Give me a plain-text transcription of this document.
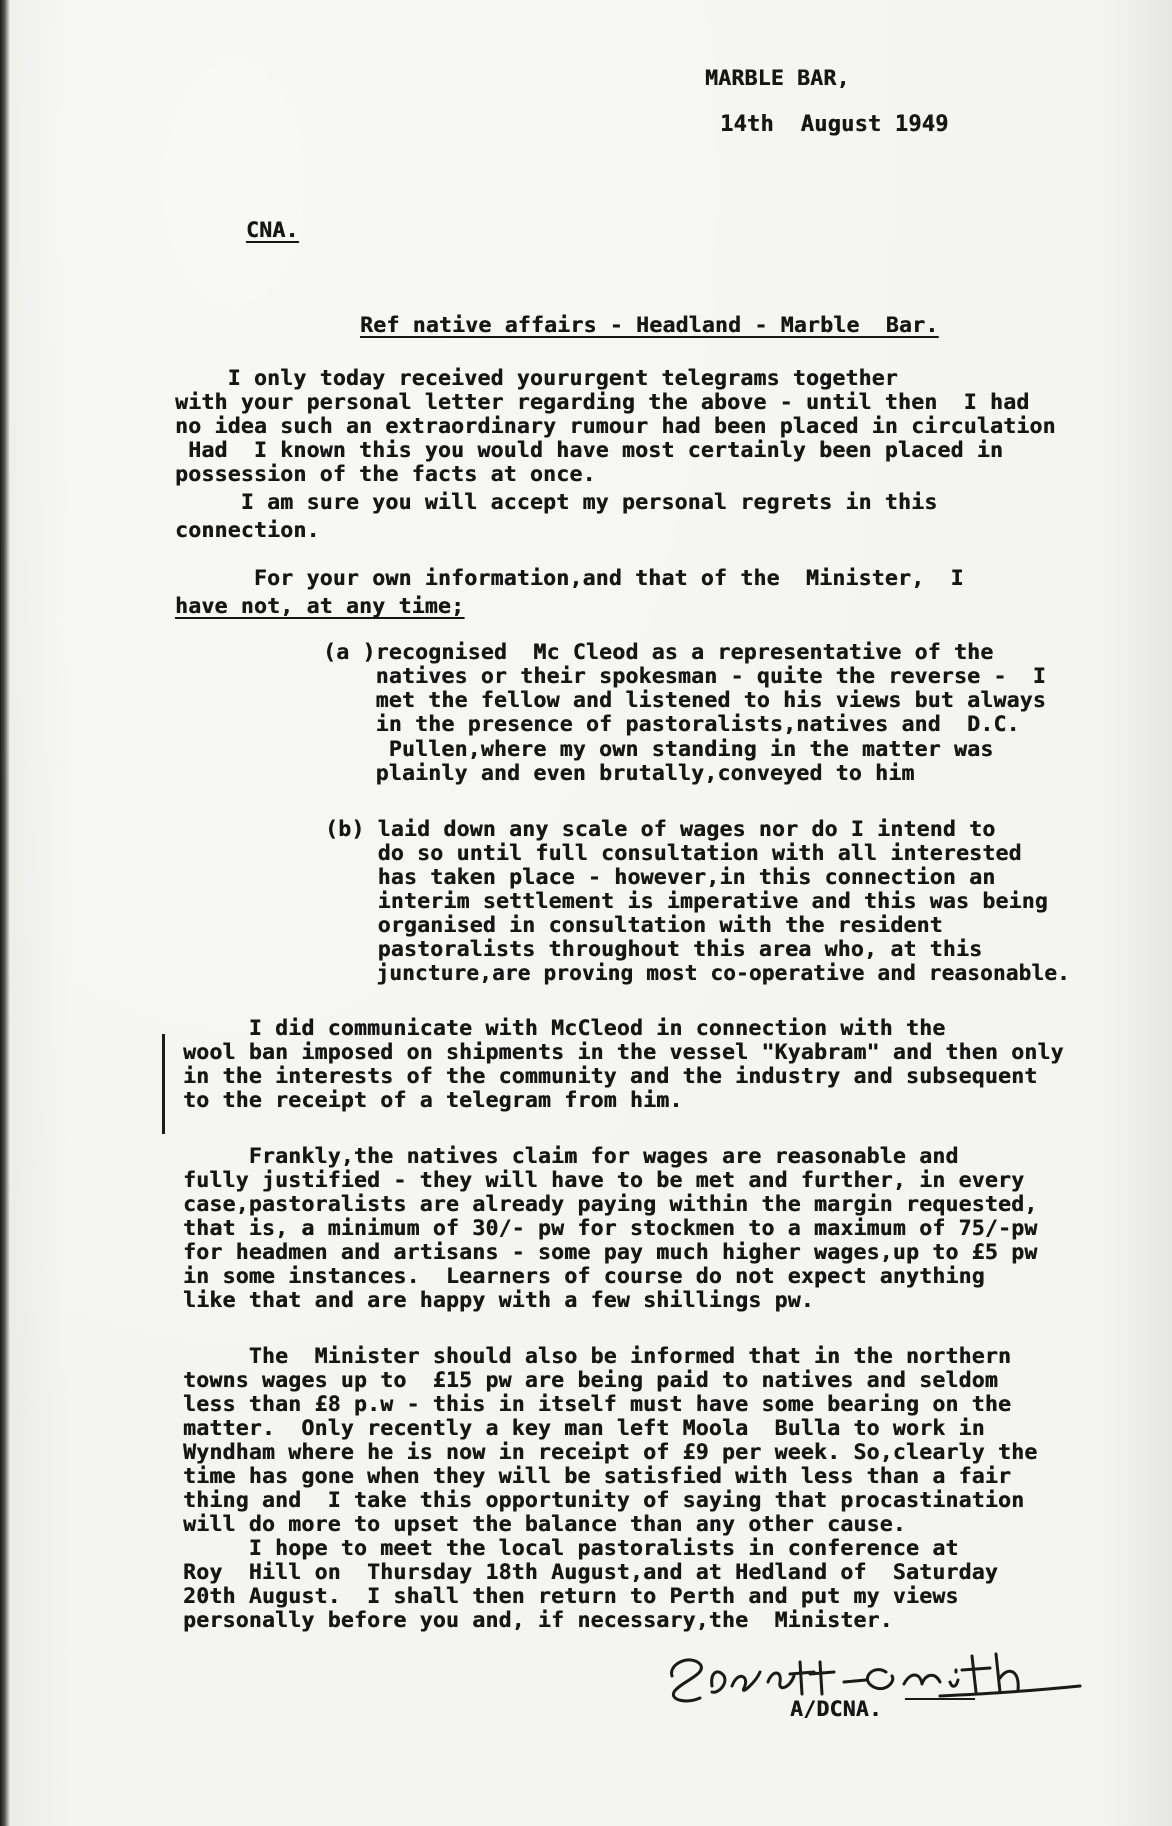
MARBLE BAR,
14th  August 1949
CNA.
Ref native affairs - Headland - Marble  Bar.
I only today received yoururgent telegrams together
with your personal letter regarding the above - until then  I had
no idea such an extraordinary rumour had been placed in circulation
Had  I known this you would have most certainly been placed in
possession of the facts at once.
I am sure you will accept my personal regrets in this
connection.
For your own information,and that of the  Minister,  I
have not, at any time;
(a )recognised  Mc Cleod as a representative of the
natives or their spokesman - quite the reverse -  I
met the fellow and listened to his views but always
in the presence of pastoralists,natives and  D.C.
Pullen,where my own standing in the matter was
plainly and even brutally,conveyed to him
(b) laid down any scale of wages nor do I intend to
do so until full consultation with all interested
has taken place - however,in this connection an
interim settlement is imperative and this was being
organised in consultation with the resident
pastoralists throughout this area who, at this
juncture,are proving most co-operative and reasonable.
I did communicate with McCleod in connection with the
wool ban imposed on shipments in the vessel "Kyabram" and then only
in the interests of the community and the industry and subsequent
to the receipt of a telegram from him.
Frankly,the natives claim for wages are reasonable and
fully justified - they will have to be met and further, in every
case,pastoralists are already paying within the margin requested,
that is, a minimum of 30/- pw for stockmen to a maximum of 75/-pw
for headmen and artisans - some pay much higher wages,up to £5 pw
in some instances.  Learners of course do not expect anything
like that and are happy with a few shillings pw.
The  Minister should also be informed that in the northern
towns wages up to  £15 pw are being paid to natives and seldom
less than £8 p.w - this in itself must have some bearing on the
matter.  Only recently a key man left Moola  Bulla to work in
Wyndham where he is now in receipt of £9 per week. So,clearly the
time has gone when they will be satisfied with less than a fair
thing and  I take this opportunity of saying that procastination
will do more to upset the balance than any other cause.
I hope to meet the local pastoralists in conference at
Roy  Hill on  Thursday 18th August,and at Hedland of  Saturday
20th August.  I shall then return to Perth and put my views
personally before you and, if necessary,the  Minister.
A/DCNA.
